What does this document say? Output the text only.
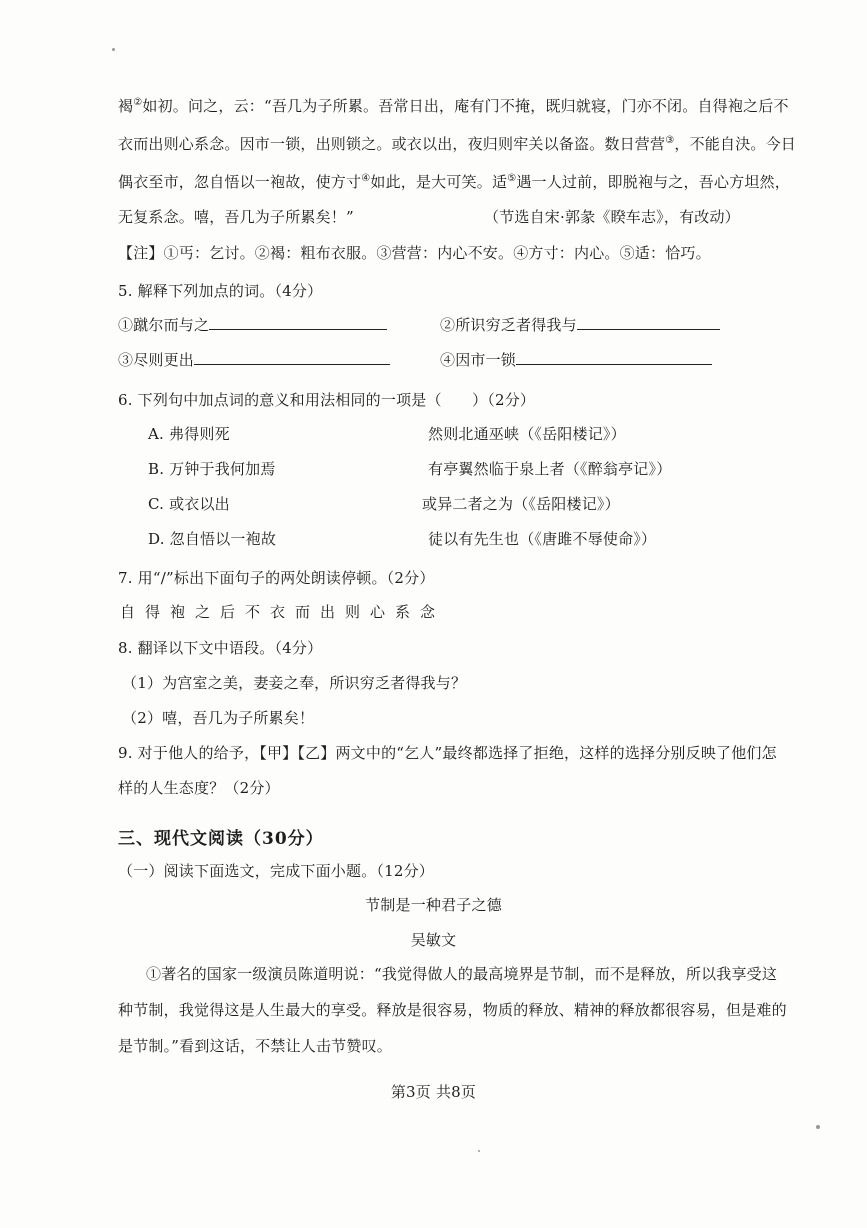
褐②如初。问之，云：“吾几为子所累。吾常日出，庵有门不掩，既归就寝，门亦不闭。自得袍之后不
衣而出则心系念。因市一锁，出则锁之。或衣以出，夜归则牢关以备盗。数日营营③，不能自決。今日
偶衣至市，忽自悟以一袍故，使方寸④如此，是大可笑。适⑤遇一人过前，即脱袍与之，吾心方坦然，
无复系念。嘻，吾几为子所累矣！”	（节选自宋·郭彖《睽车志》，有改动）
【注】①丐：乞讨。②褐：粗布衣服。③营营：内心不安。④方寸：内心。⑤适：恰巧。
5. 解释下列加点的词。（4分）
①蹴尔而与之	②所识穷乏者得我与
③尽则更出	④因市一锁
6. 下列句中加点词的意义和用法相同的一项是（　　）（2分）
A. 弗得则死	然则北通巫峡（《岳阳楼记》）
B. 万钟于我何加焉	有亭翼然临于泉上者（《醉翁亭记》）
C. 或衣以出	或异二者之为（《岳阳楼记》）
D. 忽自悟以一袍故	徒以有先生也（《唐雎不辱使命》）
7. 用“/”标出下面句子的两处朗读停顿。（2分）
自得袍之后不衣而出则心系念
8. 翻译以下文中语段。（4分）
（1）为宫室之美，妻妾之奉，所识穷乏者得我与？
（2）嘻，吾几为子所累矣！
9. 对于他人的给予，【甲】【乙】两文中的“乞人”最终都选择了拒绝，这样的选择分别反映了他们怎
样的人生态度？（2分）
三、现代文阅读（30分）
（一）阅读下面选文，完成下面小题。（12分）
节制是一种君子之德
吴敏文
①著名的国家一级演员陈道明说：“我觉得做人的最高境界是节制，而不是释放，所以我享受这
种节制，我觉得这是人生最大的享受。释放是很容易，物质的释放、精神的释放都很容易，但是难的
是节制。”看到这话，不禁让人击节赞叹。
第3页 共8页
